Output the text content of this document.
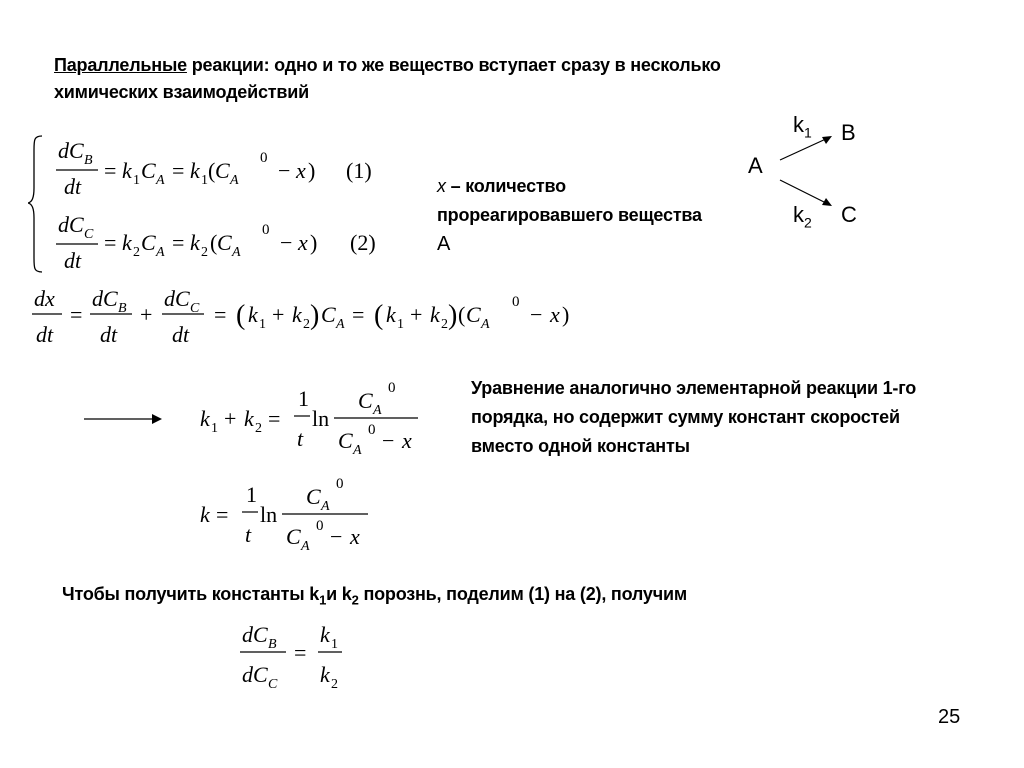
Параллельные реакции: одно и то же вещество вступает сразу в несколько
химических взаимодействий
dC B
dt
= k 1 C A = k 1 ( C A
0 − x ) (1)
dC C
dt
= k 2 C A = k 2 ( C A
0 − x ) (2)
x – количество
прореагировавшего вещества
А
$k_1$ В
А
$k_2$ С
dx
dt
=
dC B
dt
+
dC C
dt
= ( k 1 + k 2 ) C A = ( k 1 + k 2 ) ( C A
0 − x )
k 1 + k 2 =
1
t
ln
C A
0
C A
0 − x
Уравнение аналогично элементарной реакции 1-го
порядка, но содержит сумму констант скоростей
вместо одной константы
k =
1
t
ln
C A
0
C A
0 − x
Чтобы получить константы $k_1и$ $k_2$ порознь, поделим (1) на (2), получим
dC B
dC C
=
k 1
k 2
25
